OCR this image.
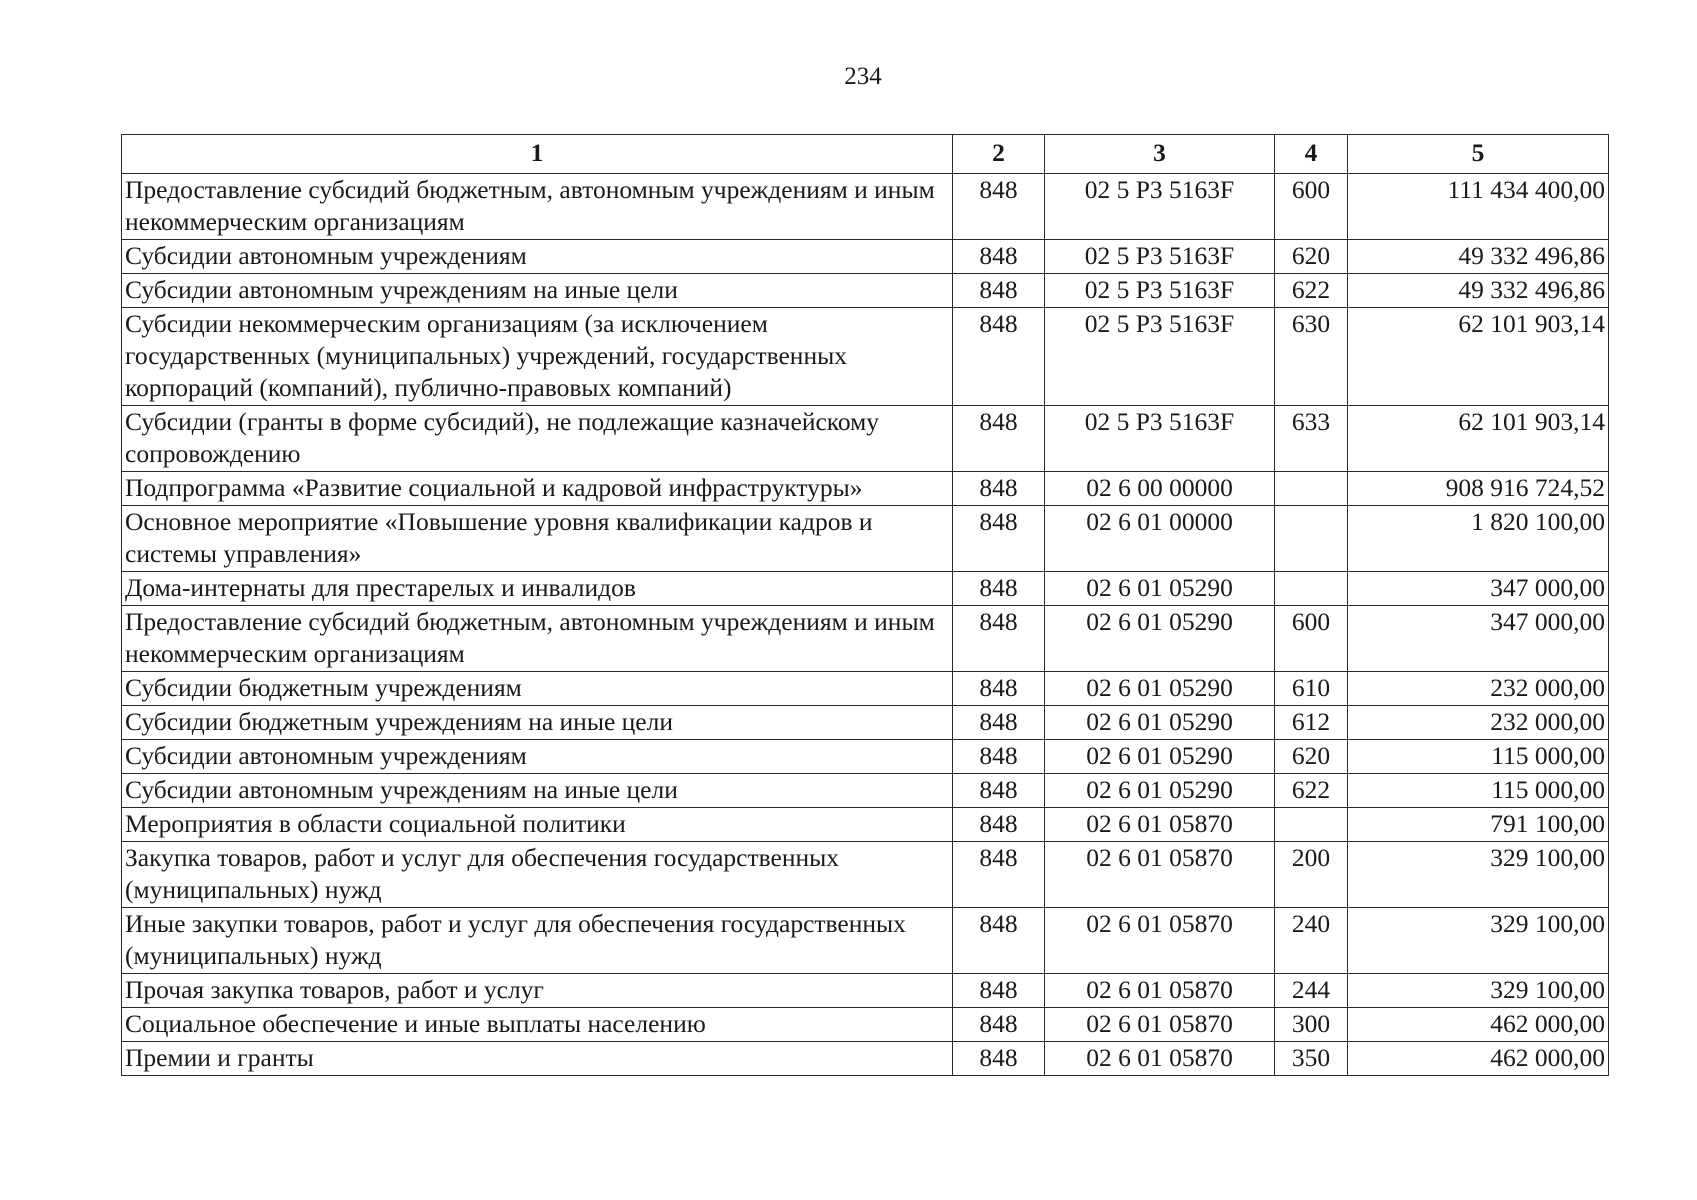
234
1	2	3	4	5
Предоставление субсидий бюджетным, автономным учреждениям и иным некоммерческим организациям	848	02 5 Р3 5163F	600	111 434 400,00
Субсидии автономным учреждениям	848	02 5 Р3 5163F	620	49 332 496,86
Субсидии автономным учреждениям на иные цели	848	02 5 Р3 5163F	622	49 332 496,86
Субсидии некоммерческим организациям (за исключением государственных (муниципальных) учреждений, государственных корпораций (компаний), публично-правовых компаний)	848	02 5 Р3 5163F	630	62 101 903,14
Субсидии (гранты в форме субсидий), не подлежащие казначейскому сопровождению	848	02 5 Р3 5163F	633	62 101 903,14
Подпрограмма «Развитие социальной и кадровой инфраструктуры»	848	02 6 00 00000		908 916 724,52
Основное мероприятие «Повышение уровня квалификации кадров и системы управления»	848	02 6 01 00000		1 820 100,00
Дома-интернаты для престарелых и инвалидов	848	02 6 01 05290		347 000,00
Предоставление субсидий бюджетным, автономным учреждениям и иным некоммерческим организациям	848	02 6 01 05290	600	347 000,00
Субсидии бюджетным учреждениям	848	02 6 01 05290	610	232 000,00
Субсидии бюджетным учреждениям на иные цели	848	02 6 01 05290	612	232 000,00
Субсидии автономным учреждениям	848	02 6 01 05290	620	115 000,00
Субсидии автономным учреждениям на иные цели	848	02 6 01 05290	622	115 000,00
Мероприятия в области социальной политики	848	02 6 01 05870		791 100,00
Закупка товаров, работ и услуг для обеспечения государственных (муниципальных) нужд	848	02 6 01 05870	200	329 100,00
Иные закупки товаров, работ и услуг для обеспечения государственных (муниципальных) нужд	848	02 6 01 05870	240	329 100,00
Прочая закупка товаров, работ и услуг	848	02 6 01 05870	244	329 100,00
Социальное обеспечение и иные выплаты населению	848	02 6 01 05870	300	462 000,00
Премии и гранты	848	02 6 01 05870	350	462 000,00
